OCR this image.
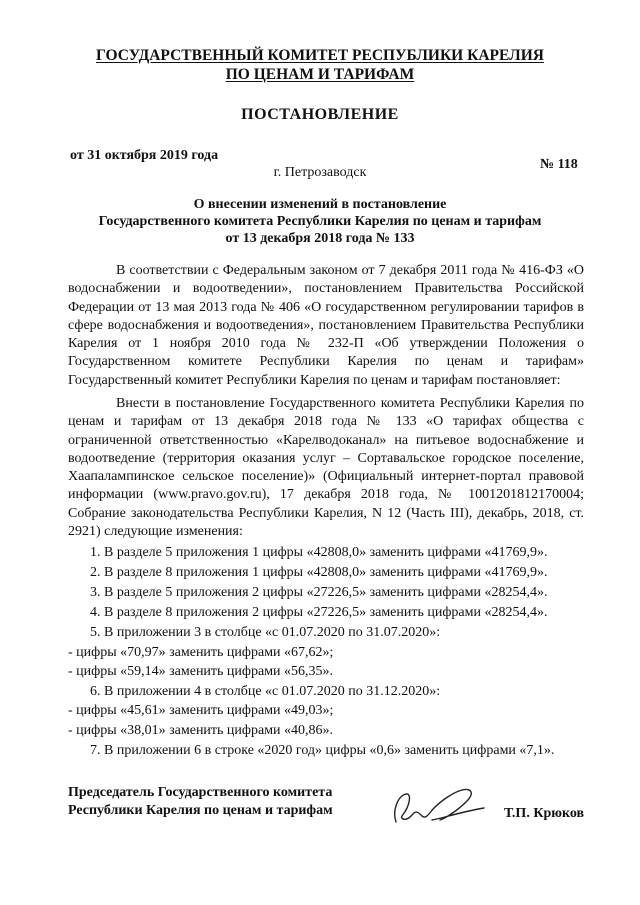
ГОСУДАРСТВЕННЫЙ КОМИТЕТ РЕСПУБЛИКИ КАРЕЛИЯ

ПО ЦЕНАМ И ТАРИФАМ

ПОСТАНОВЛЕНИЕ

от 31 октября 2019 года

г. Петрозаводск

№ 118

О внесении изменений в постановление

Государственного комитета Республики Карелия по ценам и тарифам

от 13 декабря 2018 года № 133

В соответствии с Федеральным законом от 7 декабря 2011 года № 416-ФЗ «О водоснабжении и водоотведении», постановлением Правительства Российской Федерации от 13 мая 2013 года № 406 «О государственном регулировании тарифов в сфере водоснабжения и водоотведения», постановлением Правительства Республики Карелия от 1 ноября 2010 года № 232-П «Об утверждении Положения о Государственном комитете Республики Карелия по ценам и тарифам» Государственный комитет Республики Карелия по ценам и тарифам постановляет:

Внести в постановление Государственного комитета Республики Карелия по ценам и тарифам от 13 декабря 2018 года № 133 «О тарифах общества с ограниченной ответственностью «Карелводоканал» на питьевое водоснабжение и водоотведение (территория оказания услуг – Сортавальское городское поселение, Хаапалампинское сельское поселение)» (Официальный интернет-портал правовой информации (www.pravo.gov.ru), 17 декабря 2018 года, № 1001201812170004; Собрание законодательства Республики Карелия, N 12 (Часть III), декабрь, 2018, ст. 2921) следующие изменения:

1. В разделе 5 приложения 1 цифры «42808,0» заменить цифрами «41769,9».

2. В разделе 8 приложения 1 цифры «42808,0» заменить цифрами «41769,9».

3. В разделе 5 приложения 2 цифры «27226,5» заменить цифрами «28254,4».

4. В разделе 8 приложения 2 цифры «27226,5» заменить цифрами «28254,4».

5. В приложении 3 в столбце «с 01.07.2020 по 31.07.2020»:

- цифры «70,97» заменить цифрами «67,62»;

- цифры «59,14» заменить цифрами «56,35».

6. В приложении 4 в столбце «с 01.07.2020 по 31.12.2020»:

- цифры «45,61» заменить цифрами «49,03»;

- цифры «38,01» заменить цифрами «40,86».

7. В приложении 6 в строке «2020 год» цифры «0,6» заменить цифрами «7,1».

Председатель Государственного комитета

Республики Карелия по ценам и тарифам	Т.П. Крюков
